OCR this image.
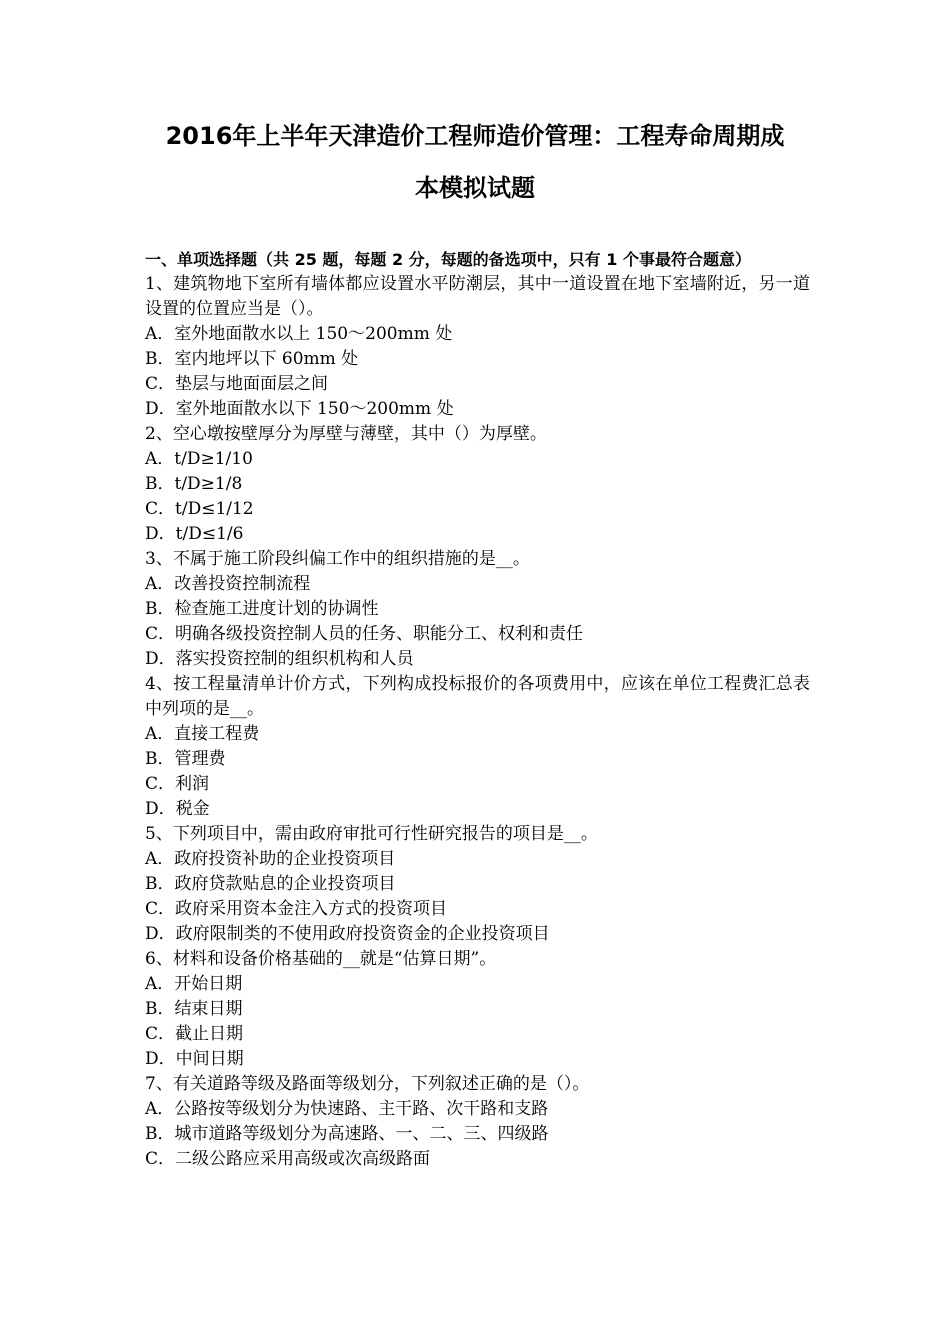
2016年上半年天津造价工程师造价管理：工程寿命周期成
本模拟试题
一、单项选择题（共 25 题，每题 2 分，每题的备选项中，只有 1 个事最符合题意）
1、建筑物地下室所有墙体都应设置水平防潮层，其中一道设置在地下室墙附近，另一道设置的位置应当是（）。
A．室外地面散水以上 150～200mm 处
B．室内地坪以下 60mm 处
C．垫层与地面面层之间
D．室外地面散水以下 150～200mm 处
2、空心墩按壁厚分为厚壁与薄壁，其中（）为厚壁。
A．t/D≥1/10
B．t/D≥1/8
C．t/D≤1/12
D．t/D≤1/6
3、不属于施工阶段纠偏工作中的组织措施的是__。
A．改善投资控制流程
B．检查施工进度计划的协调性
C．明确各级投资控制人员的任务、职能分工、权利和责任
D．落实投资控制的组织机构和人员
4、按工程量清单计价方式，下列构成投标报价的各项费用中，应该在单位工程费汇总表中列项的是__。
A．直接工程费
B．管理费
C．利润
D．税金
5、下列项目中，需由政府审批可行性研究报告的项目是__。
A．政府投资补助的企业投资项目
B．政府贷款贴息的企业投资项目
C．政府采用资本金注入方式的投资项目
D．政府限制类的不使用政府投资资金的企业投资项目
6、材料和设备价格基础的__就是“估算日期”。
A．开始日期
B．结束日期
C．截止日期
D．中间日期
7、有关道路等级及路面等级划分，下列叙述正确的是（）。
A．公路按等级划分为快速路、主干路、次干路和支路
B．城市道路等级划分为高速路、一、二、三、四级路
C．二级公路应采用高级或次高级路面
